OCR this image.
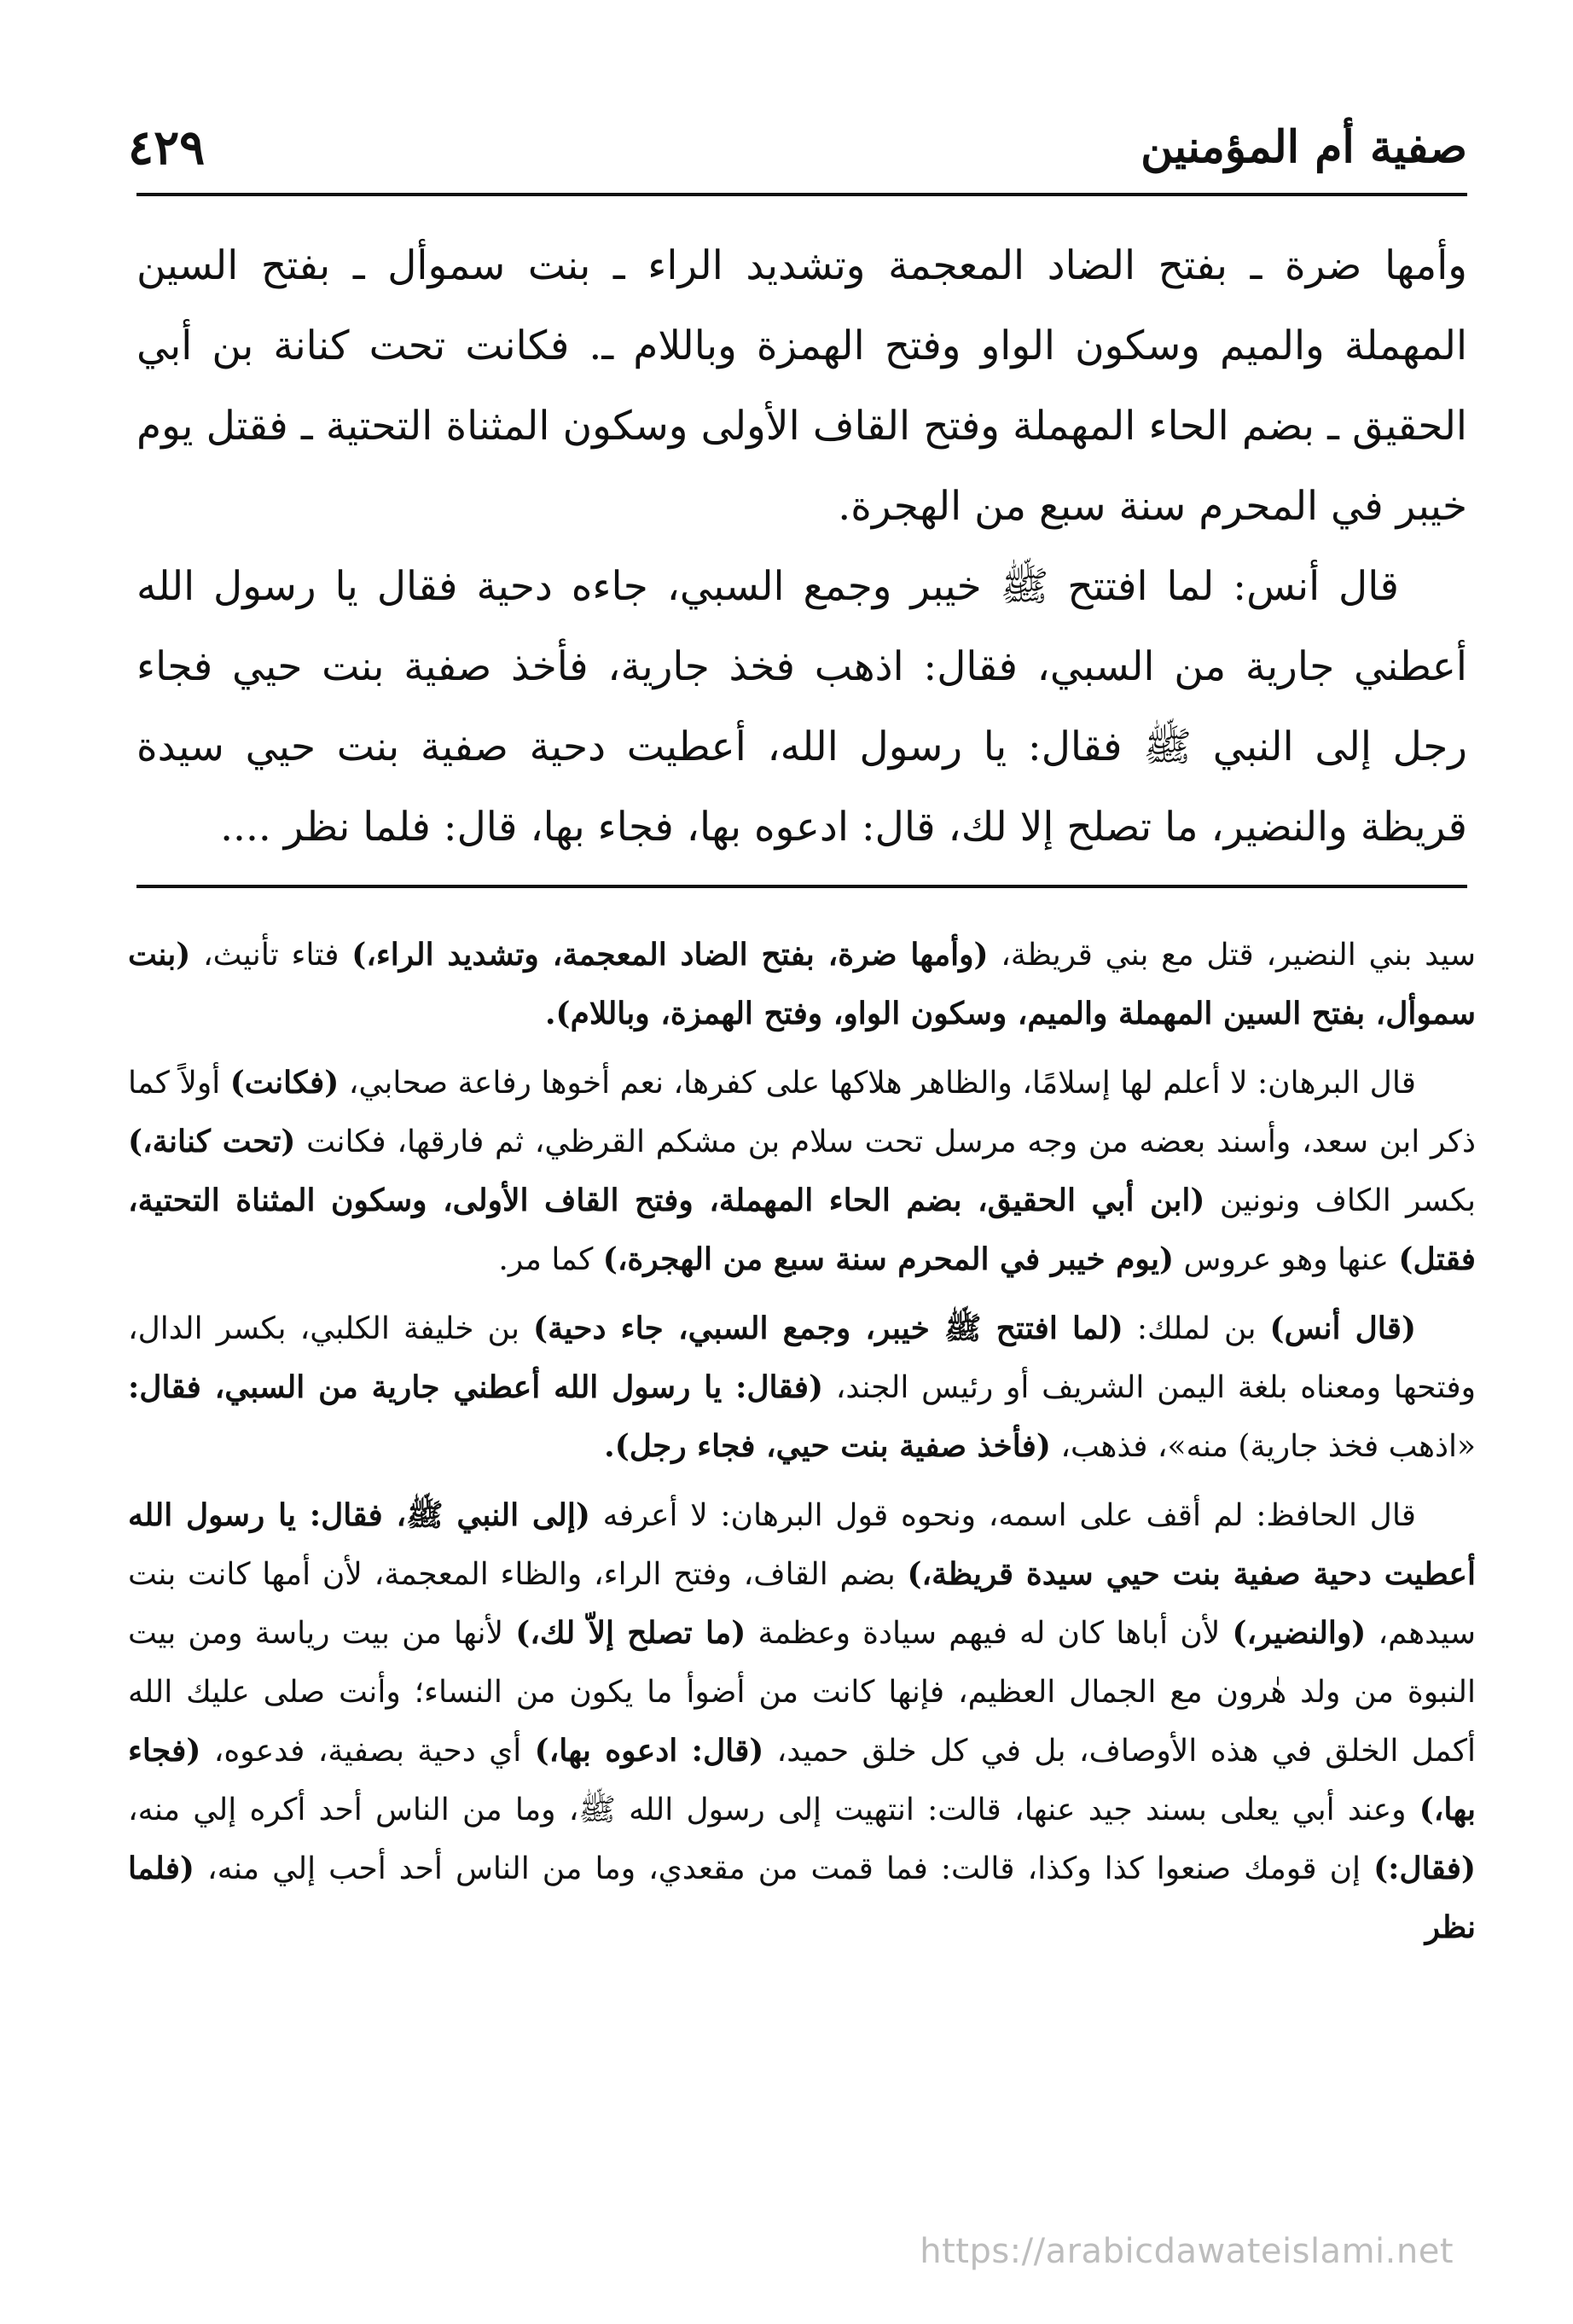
صفية أم المؤمنين
٤٢٩

وأمها ضرة ـ بفتح الضاد المعجمة وتشديد الراء ـ بنت سموأل ـ بفتح السين المهملة والميم وسكون الواو وفتح الهمزة وباللام ـ. فكانت تحت كنانة بن أبي الحقيق ـ بضم الحاء المهملة وفتح القاف الأولى وسكون المثناة التحتية ـ فقتل يوم خيبر في المحرم سنة سبع من الهجرة.

قال أنس: لما افتتح ﷺ خيبر وجمع السبي، جاءه دحية فقال يا رسول الله أعطني جارية من السبي، فقال: اذهب فخذ جارية، فأخذ صفية بنت حيي فجاء رجل إلى النبي ﷺ فقال: يا رسول الله، أعطيت دحية صفية بنت حيي سيدة قريظة والنضير، ما تصلح إلا لك، قال: ادعوه بها، فجاء بها، قال: فلما نظر ....

سيد بني النضير، قتل مع بني قريظة، (وأمها ضرة، بفتح الضاد المعجمة، وتشديد الراء،) فتاء تأنيث، (بنت سموأل، بفتح السين المهملة والميم، وسكون الواو، وفتح الهمزة، وباللام).

قال البرهان: لا أعلم لها إسلامًا، والظاهر هلاكها على كفرها، نعم أخوها رفاعة صحابي، (فكانت) أولاً كما ذكر ابن سعد، وأسند بعضه من وجه مرسل تحت سلام بن مشكم القرظي، ثم فارقها، فكانت (تحت كنانة،) بكسر الكاف ونونين (ابن أبي الحقيق، بضم الحاء المهملة، وفتح القاف الأولى، وسكون المثناة التحتية، فقتل) عنها وهو عروس (يوم خيبر في المحرم سنة سبع من الهجرة،) كما مر.

(قال أنس) بن لملك: (لما افتتح ﷺ خيبر، وجمع السبي، جاء دحية) بن خليفة الكلبي، بكسر الدال، وفتحها ومعناه بلغة اليمن الشريف أو رئيس الجند، (فقال: يا رسول الله أعطني جارية من السبي، فقال: «اذهب فخذ جارية) منه»، فذهب، (فأخذ صفية بنت حيي، فجاء رجل).

قال الحافظ: لم أقف على اسمه، ونحوه قول البرهان: لا أعرفه (إلى النبي ﷺ، فقال: يا رسول الله أعطيت دحية صفية بنت حيي سيدة قريظة،) بضم القاف، وفتح الراء، والظاء المعجمة، لأن أمها كانت بنت سيدهم، (والنضير،) لأن أباها كان له فيهم سيادة وعظمة (ما تصلح إلاّ لك،) لأنها من بيت رياسة ومن بيت النبوة من ولد هٰرون مع الجمال العظيم، فإنها كانت من أضوأ ما يكون من النساء؛ وأنت صلى عليك الله أكمل الخلق في هذه الأوصاف، بل في كل خلق حميد، (قال: ادعوه بها،) أي دحية بصفية، فدعوه، (فجاء بها،) وعند أبي يعلى بسند جيد عنها، قالت: انتهيت إلى رسول الله ﷺ، وما من الناس أحد أكره إلي منه، (فقال:) إن قومك صنعوا كذا وكذا، قالت: فما قمت من مقعدي، وما من الناس أحد أحب إلي منه، (فلما نظر

https://arabicdawateislami.net
